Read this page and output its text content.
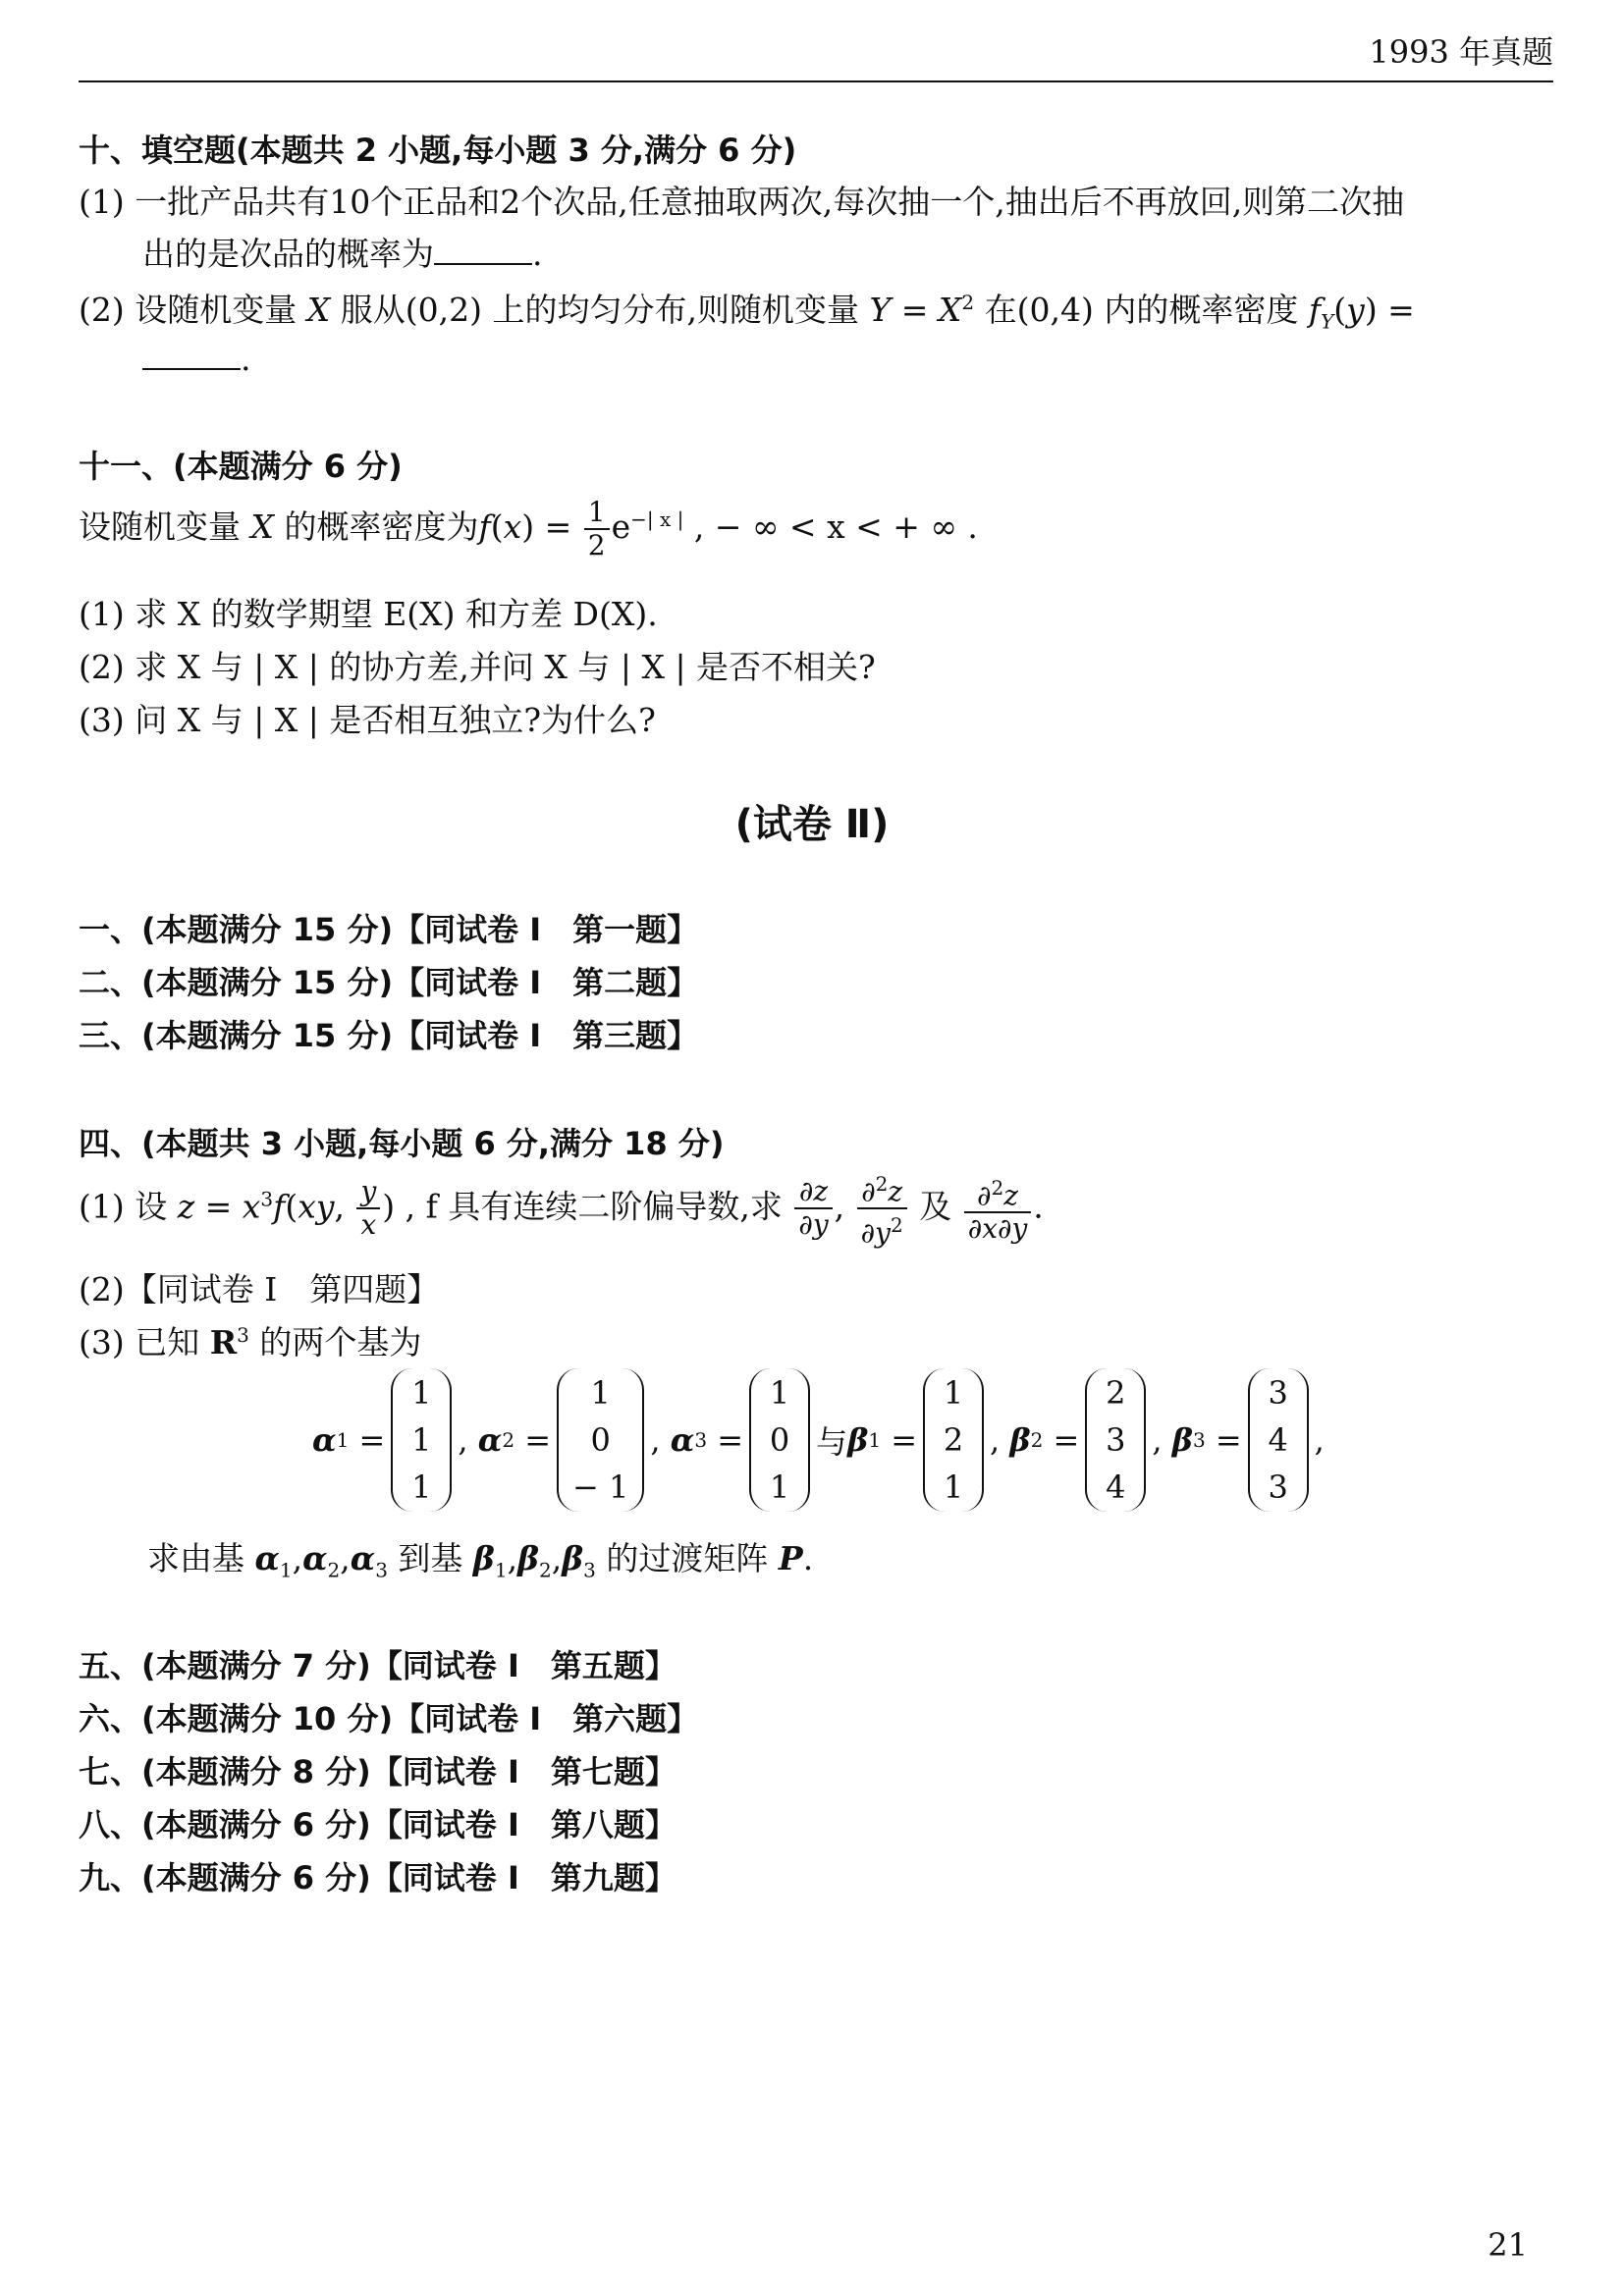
1993 年真题
十、填空题(本题共 2 小题,每小题 3 分,满分 6 分)
(1) 一批产品共有10个正品和2个次品,任意抽取两次,每次抽一个,抽出后不再放回,则第二次抽
出的是次品的概率为	.
(2) 设随机变量 X 服从(0,2) 上的均匀分布,则随机变量 $Y = X^2$ 在(0,4) 内的概率密度 $f_Y(y)$ =
.
十一、(本题满分 6 分)
设随机变量 X 的概率密度为$f(x) = \frac{1}{2} e^{-| x |}$ , − ∞ < x < + ∞ .
(1) 求 X 的数学期望 E(X) 和方差 D(X).
(2) 求 X 与 | X | 的协方差,并问 X 与 | X | 是否不相关?
(3) 问 X 与 | X | 是否相互独立?为什么?
(试卷 Ⅱ)
一、(本题满分 15 分)【同试卷 Ⅰ　第一题】
二、(本题满分 15 分)【同试卷 Ⅰ　第二题】
三、(本题满分 15 分)【同试卷 Ⅰ　第三题】
四、(本题共 3 小题,每小题 6 分,满分 18 分)
(1) 设 $z = x^3f(xy$, $\frac{y}{x}$ ) , f 具有连续二阶偏导数,求 $\frac{\partial z}{\partial y}$ , $\frac{\partial^2z}{\partial y^2}$ 及 $\frac{\partial^2z}{\partial x\partial y}$ .
(2)【同试卷 Ⅰ　第四题】
(3) 已知 $R^3$ 的两个基为
α 1 =
1
1
1
, α 2 =
1
0
− 1
, α 3 =
1
0
1
与 β 1 =
1
2
1
, β 2 =
2
3
4
, β 3 =
3
4
3
,
求由基 $\alpha_1,\alpha_2,\alpha_3$ 到基 $\beta_1,\beta_2,\beta_3$ 的过渡矩阵 P.
五、(本题满分 7 分)【同试卷 Ⅰ　第五题】
六、(本题满分 10 分)【同试卷 Ⅰ　第六题】
七、(本题满分 8 分)【同试卷 Ⅰ　第七题】
八、(本题满分 6 分)【同试卷 Ⅰ　第八题】
九、(本题满分 6 分)【同试卷 Ⅰ　第九题】
21
